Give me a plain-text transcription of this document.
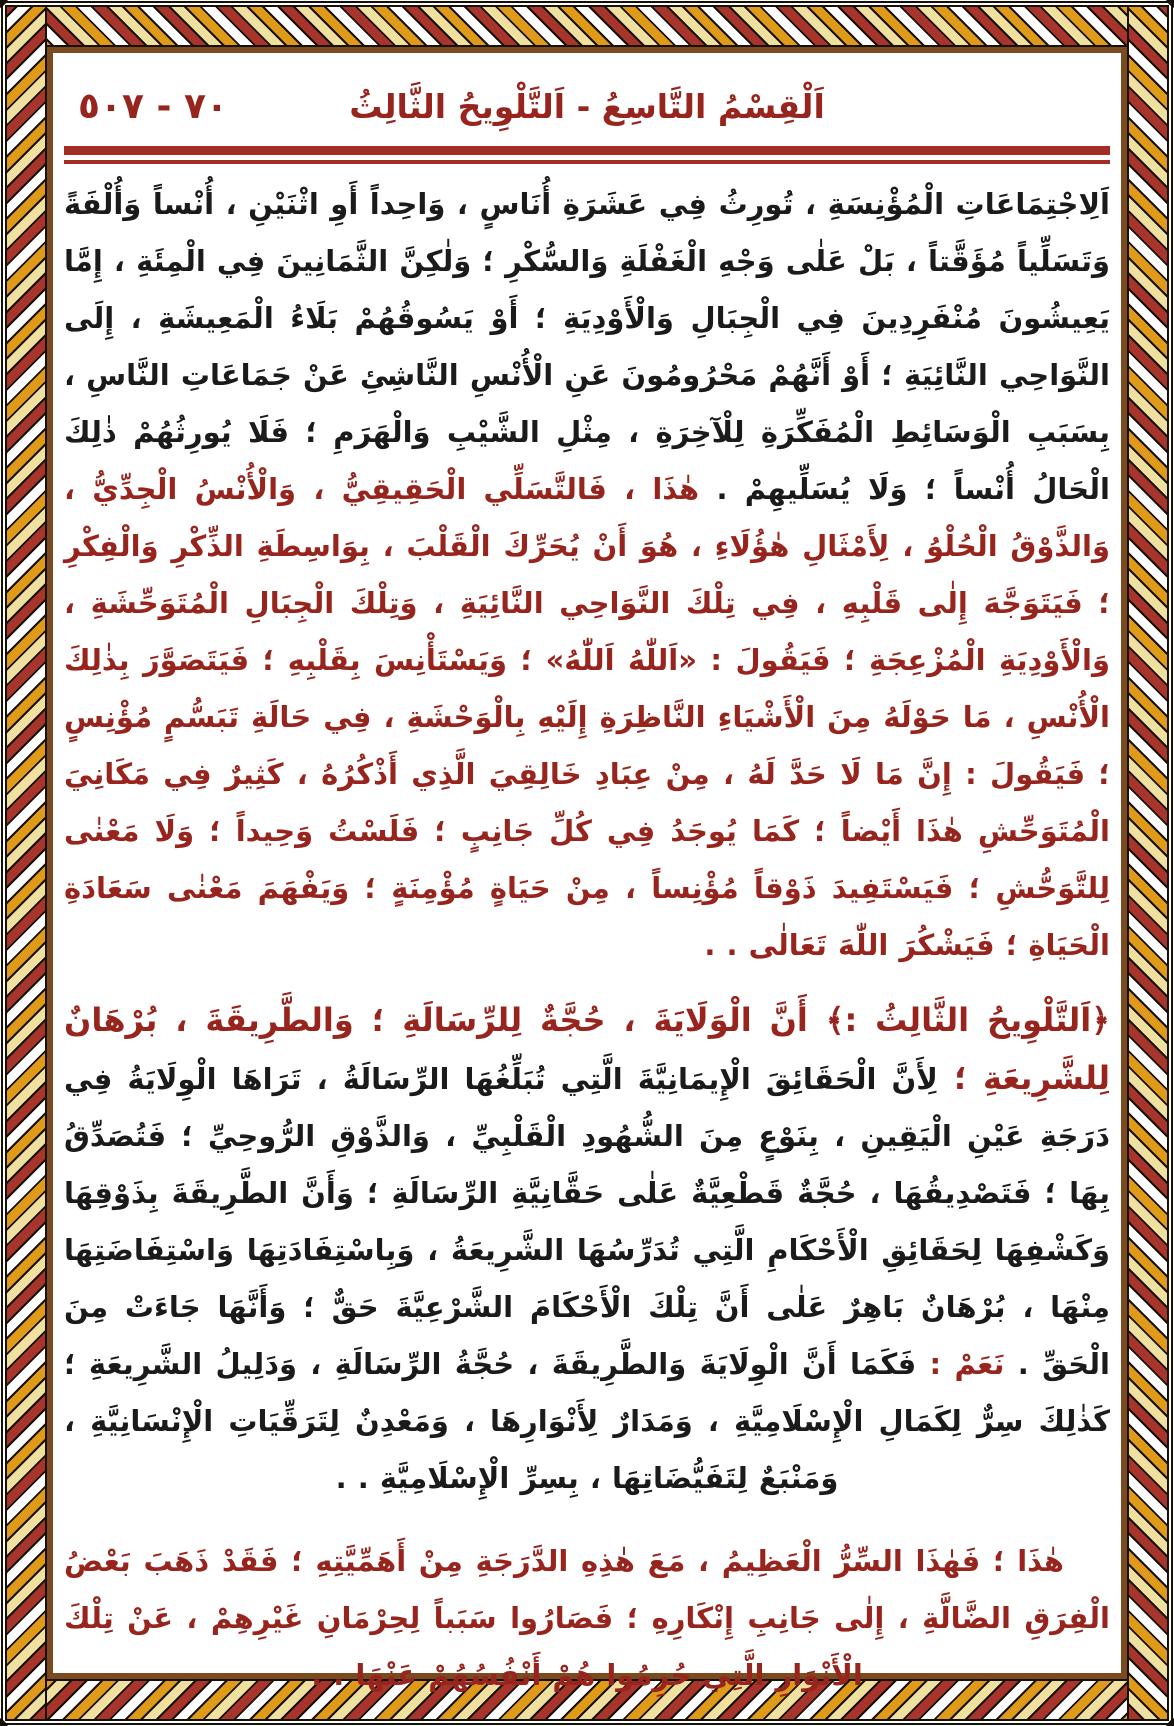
٧٠ - ٥٠٧	اَلْقِسْمُ التَّاسِعُ - اَلتَّلْوِيحُ الثَّالِثُ

اَلِاجْتِمَاعَاتِ الْمُؤْنِسَةِ ، تُورِثُ فِي عَشَرَةِ أُنَاسٍ ، وَاحِداً أَوِ اثْنَيْنِ ، أُنْساً وَأُلْفَةً وَتَسَلِّياً مُؤَقَّتاً ، بَلْ عَلٰى وَجْهِ الْغَفْلَةِ وَالسُّكْرِ ؛ وَلٰكِنَّ الثَّمَانِينَ فِي الْمِئَةِ ، إِمَّا يَعِيشُونَ مُنْفَرِدِينَ فِي الْجِبَالِ وَالْأَوْدِيَةِ ؛ أَوْ يَسُوقُهُمْ بَلَاءُ الْمَعِيشَةِ ، إِلَى النَّوَاحِي النَّائِيَةِ ؛ أَوْ أَنَّهُمْ مَحْرُومُونَ عَنِ الْأُنْسِ النَّاشِئِ عَنْ جَمَاعَاتِ النَّاسِ ، بِسَبَبِ الْوَسَائِطِ الْمُفَكِّرَةِ لِلْآخِرَةِ ، مِثْلِ الشَّيْبِ وَالْهَرَمِ ؛ فَلَا يُورِثُهُمْ ذٰلِكَ الْحَالُ أُنْساً ؛ وَلَا يُسَلِّيهِمْ . هٰذَا ، فَالتَّسَلِّي الْحَقِيقِيُّ ، وَالْأُنْسُ الْجِدِّيُّ ، وَالذَّوْقُ الْحُلْوُ ، لِأَمْثَالِ هٰؤُلَاءِ ، هُوَ أَنْ يُحَرِّكَ الْقَلْبَ ، بِوَاسِطَةِ الذِّكْرِ وَالْفِكْرِ ؛ فَيَتَوَجَّهَ إِلٰى قَلْبِهِ ، فِي تِلْكَ النَّوَاحِي النَّائِيَةِ ، وَتِلْكَ الْجِبَالِ الْمُتَوَحِّشَةِ ، وَالْأَوْدِيَةِ الْمُزْعِجَةِ ؛ فَيَقُولَ : «اَللّٰهُ اَللّٰهُ» ؛ وَيَسْتَأْنِسَ بِقَلْبِهِ ؛ فَيَتَصَوَّرَ بِذٰلِكَ الْأُنْسِ ، مَا حَوْلَهُ مِنَ الْأَشْيَاءِ النَّاظِرَةِ إِلَيْهِ بِالْوَحْشَةِ ، فِي حَالَةِ تَبَسُّمٍ مُؤْنِسٍ ؛ فَيَقُولَ : إِنَّ مَا لَا حَدَّ لَهُ ، مِنْ عِبَادِ خَالِقِيَ الَّذِي أَذْكُرُهُ ، كَثِيرٌ فِي مَكَانِيَ الْمُتَوَحِّشِ هٰذَا أَيْضاً ؛ كَمَا يُوجَدُ فِي كُلِّ جَانِبٍ ؛ فَلَسْتُ وَحِيداً ؛ وَلَا مَعْنٰى لِلتَّوَحُّشِ ؛ فَيَسْتَفِيدَ ذَوْقاً مُؤْنِساً ، مِنْ حَيَاةٍ مُؤْمِنَةٍ ؛ وَيَفْهَمَ مَعْنٰى سَعَادَةِ الْحَيَاةِ ؛ فَيَشْكُرَ اللّٰهَ تَعَالٰى . .

﴿اَلتَّلْوِيحُ الثَّالِثُ :﴾ أَنَّ الْوَلَايَةَ ، حُجَّةٌ لِلرِّسَالَةِ ؛ وَالطَّرِيقَةَ ، بُرْهَانٌ لِلشَّرِيعَةِ ؛ لِأَنَّ الْحَقَائِقَ الْإِيمَانِيَّةَ الَّتِي تُبَلِّغُهَا الرِّسَالَةُ ، تَرَاهَا الْوِلَايَةُ فِي دَرَجَةِ عَيْنِ الْيَقِينِ ، بِنَوْعٍ مِنَ الشُّهُودِ الْقَلْبِيِّ ، وَالذَّوْقِ الرُّوحِيِّ ؛ فَتُصَدِّقُ بِهَا ؛ فَتَصْدِيقُهَا ، حُجَّةٌ قَطْعِيَّةٌ عَلٰى حَقَّانِيَّةِ الرِّسَالَةِ ؛ وَأَنَّ الطَّرِيقَةَ بِذَوْقِهَا وَكَشْفِهَا لِحَقَائِقِ الْأَحْكَامِ الَّتِي تُدَرِّسُهَا الشَّرِيعَةُ ، وَبِاسْتِفَادَتِهَا وَاسْتِفَاضَتِهَا مِنْهَا ، بُرْهَانٌ بَاهِرٌ عَلٰى أَنَّ تِلْكَ الْأَحْكَامَ الشَّرْعِيَّةَ حَقٌّ ؛ وَأَنَّهَا جَاءَتْ مِنَ الْحَقِّ . نَعَمْ : فَكَمَا أَنَّ الْوِلَايَةَ وَالطَّرِيقَةَ ، حُجَّةُ الرِّسَالَةِ ، وَدَلِيلُ الشَّرِيعَةِ ؛ كَذٰلِكَ سِرٌّ لِكَمَالِ الْإِسْلَامِيَّةِ ، وَمَدَارٌ لِأَنْوَارِهَا ، وَمَعْدِنٌ لِتَرَقِّيَاتِ الْإِنْسَانِيَّةِ ، وَمَنْبَعٌ لِتَفَيُّضَاتِهَا ، بِسِرِّ الْإِسْلَامِيَّةِ . .

هٰذَا ؛ فَهٰذَا السِّرُّ الْعَظِيمُ ، مَعَ هٰذِهِ الدَّرَجَةِ مِنْ أَهَمِّيَّتِهِ ؛ فَقَدْ ذَهَبَ بَعْضُ الْفِرَقِ الضَّالَّةِ ، إِلٰى جَانِبِ إِنْكَارِهِ ؛ فَصَارُوا سَبَباً لِحِرْمَانِ غَيْرِهِمْ ، عَنْ تِلْكَ الْأَنْوَارِ الَّتِي حُرِمُوا هُمْ أَنْفُسُهُمْ عَنْهَا . .
